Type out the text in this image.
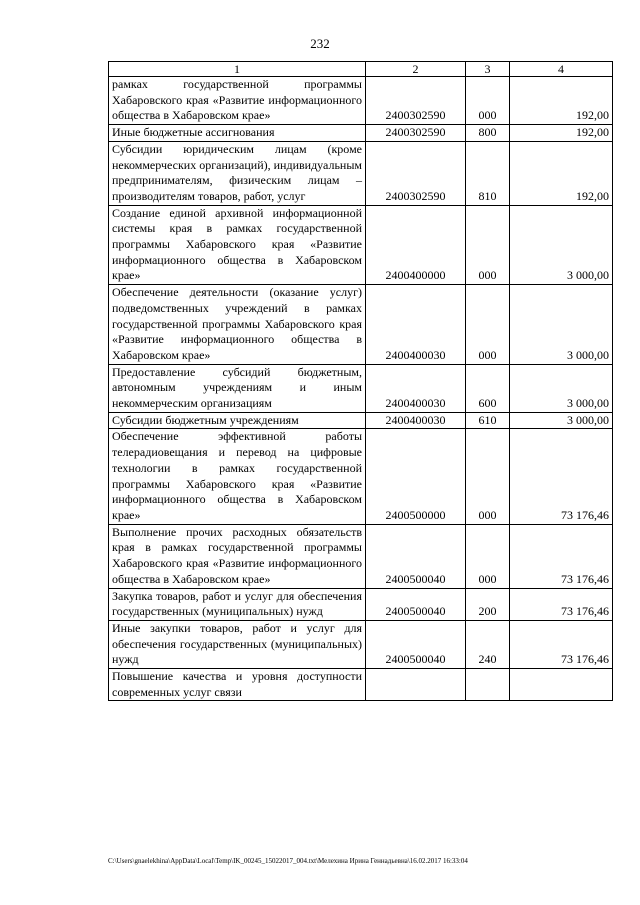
232
1	2	3	4
рамках государственной программы Хабаровского края «Развитие информационного общества в Хабаровском крае»	2400302590	000	192,00
Иные бюджетные ассигнования	2400302590	800	192,00
Субсидии юридическим лицам (кроме некоммерческих организаций), индивидуальным предпринимателям, физическим лицам – производителям товаров, работ, услуг	2400302590	810	192,00
Создание единой архивной информационной системы края в рамках государственной программы Хабаровского края «Развитие информационного общества в Хабаровском крае»	2400400000	000	3 000,00
Обеспечение деятельности (оказание услуг) подведомственных учреждений в рамках государственной программы Хабаровского края «Развитие информационного общества в Хабаровском крае»	2400400030	000	3 000,00
Предоставление субсидий бюджетным, автономным учреждениям и иным некоммерческим организациям	2400400030	600	3 000,00
Субсидии бюджетным учреждениям	2400400030	610	3 000,00
Обеспечение эффективной работы телерадиовещания и перевод на цифровые технологии в рамках государственной программы Хабаровского края «Развитие информационного общества в Хабаровском крае»	2400500000	000	73 176,46
Выполнение прочих расходных обязательств края в рамках государственной программы Хабаровского края «Развитие информационного общества в Хабаровском крае»	2400500040	000	73 176,46
Закупка товаров, работ и услуг для обеспечения государственных (муниципальных) нужд	2400500040	200	73 176,46
Иные закупки товаров, работ и услуг для обеспечения государственных (муниципальных) нужд	2400500040	240	73 176,46
Повышение качества и уровня доступности современных услуг связи			
C:\Users\gnaelekhina\AppData\Local\Temp\IK_00245_15022017_004.txt\Мелехина Ирина Геннадьевна\16.02.2017 16:33:04
